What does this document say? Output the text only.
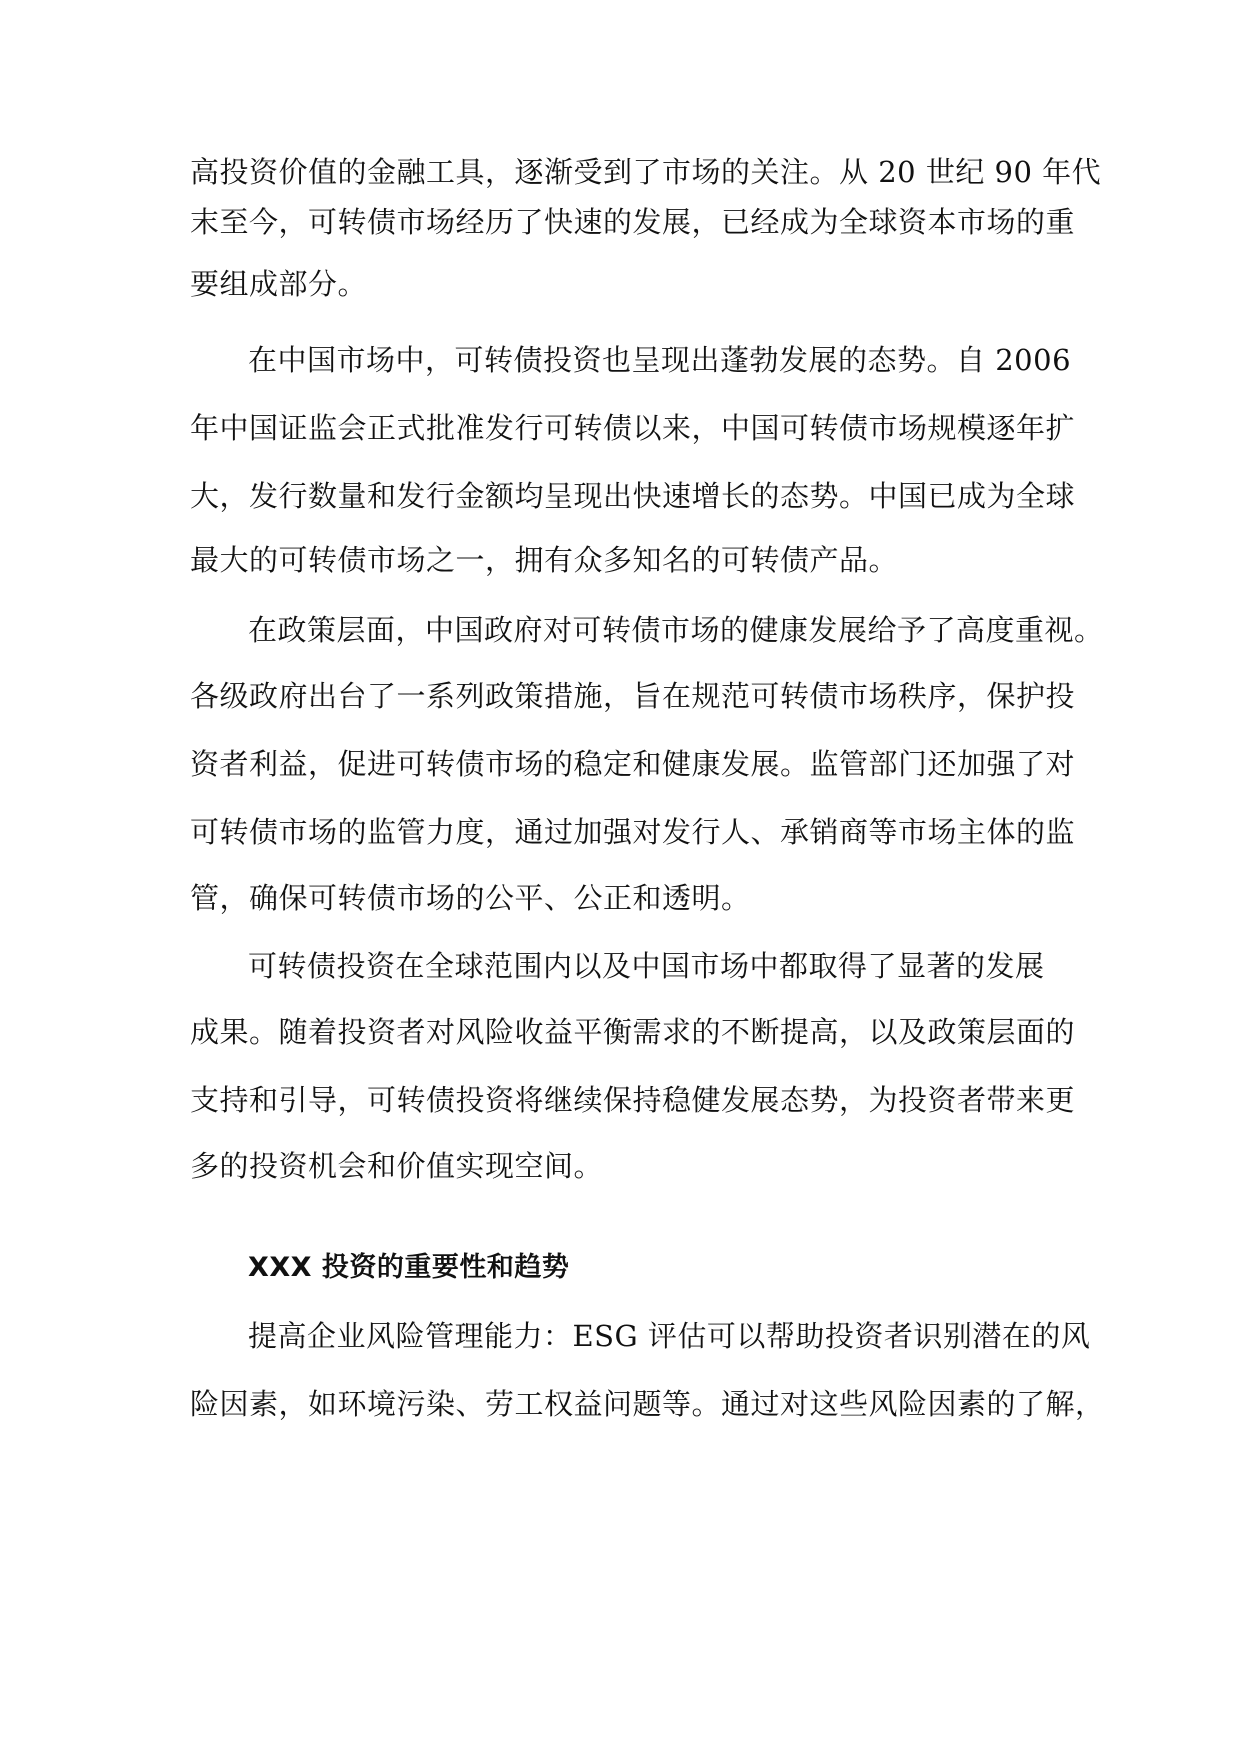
高投资价值的金融工具，逐渐受到了市场的关注。从 20 世纪 90 年代
末至今，可转债市场经历了快速的发展，已经成为全球资本市场的重
要组成部分。
在中国市场中，可转债投资也呈现出蓬勃发展的态势。自 2006
年中国证监会正式批准发行可转债以来，中国可转债市场规模逐年扩
大，发行数量和发行金额均呈现出快速增长的态势。中国已成为全球
最大的可转债市场之一，拥有众多知名的可转债产品。
在政策层面，中国政府对可转债市场的健康发展给予了高度重视。
各级政府出台了一系列政策措施，旨在规范可转债市场秩序，保护投
资者利益，促进可转债市场的稳定和健康发展。监管部门还加强了对
可转债市场的监管力度，通过加强对发行人、承销商等市场主体的监
管，确保可转债市场的公平、公正和透明。
可转债投资在全球范围内以及中国市场中都取得了显著的发展
成果。随着投资者对风险收益平衡需求的不断提高，以及政策层面的
支持和引导，可转债投资将继续保持稳健发展态势，为投资者带来更
多的投资机会和价值实现空间。
XXX 投资的重要性和趋势
提高企业风险管理能力：ESG 评估可以帮助投资者识别潜在的风
险因素，如环境污染、劳工权益问题等。通过对这些风险因素的了解，
